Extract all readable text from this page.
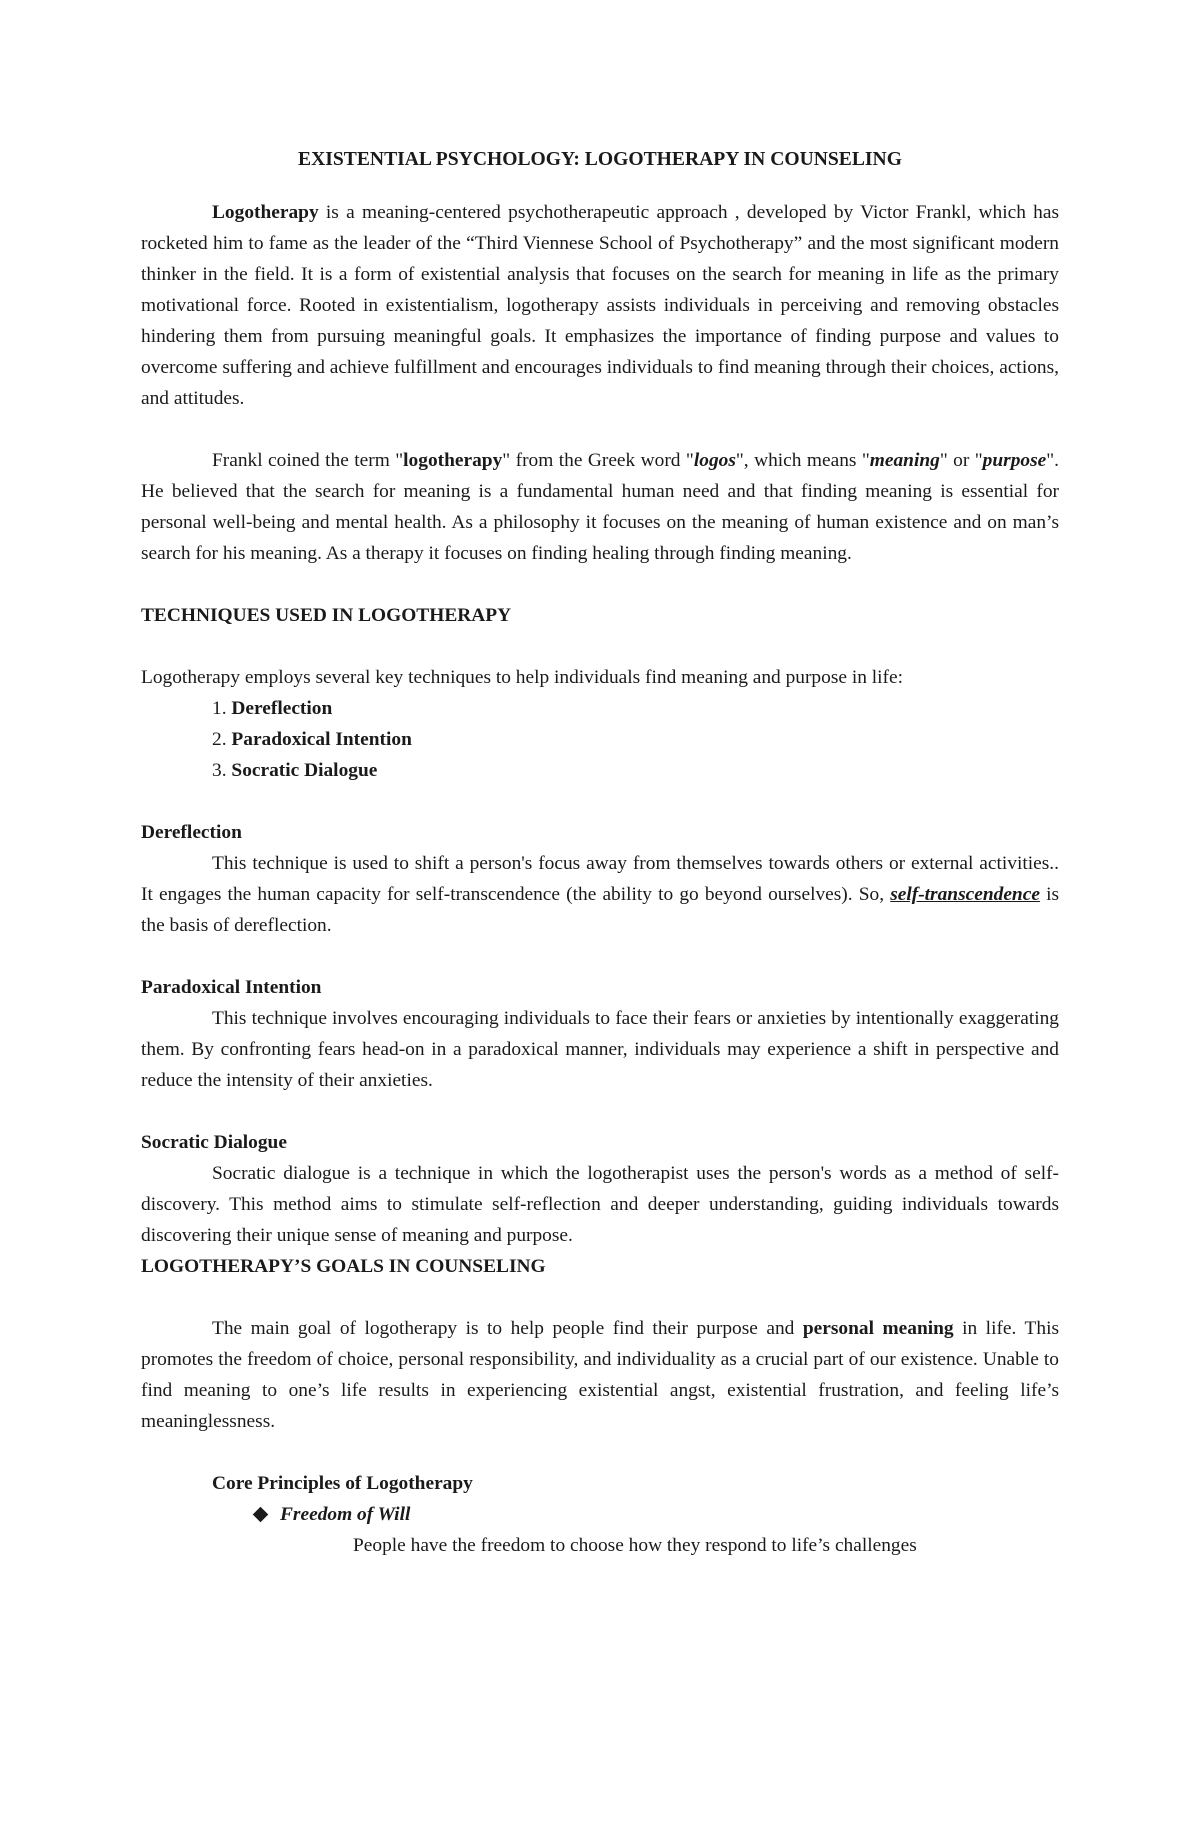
EXISTENTIAL PSYCHOLOGY: LOGOTHERAPY IN COUNSELING

Logotherapy is a meaning-centered psychotherapeutic approach , developed by Victor Frankl, which has rocketed him to fame as the leader of the “Third Viennese School of Psychotherapy” and the most significant modern thinker in the field. It is a form of existential analysis that focuses on the search for meaning in life as the primary motivational force. Rooted in existentialism, logotherapy assists individuals in perceiving and removing obstacles hindering them from pursuing meaningful goals. It emphasizes the importance of finding purpose and values to overcome suffering and achieve fulfillment and encourages individuals to find meaning through their choices, actions, and attitudes.

Frankl coined the term "logotherapy" from the Greek word "logos", which means "meaning" or "purpose". He believed that the search for meaning is a fundamental human need and that finding meaning is essential for personal well-being and mental health. As a philosophy it focuses on the meaning of human existence and on man’s search for his meaning. As a therapy it focuses on finding healing through finding meaning.

TECHNIQUES USED IN LOGOTHERAPY

Logotherapy employs several key techniques to help individuals find meaning and purpose in life:

1. Dereflection
2. Paradoxical Intention
3. Socratic Dialogue

Dereflection

This technique is used to shift a person's focus away from themselves towards others or external activities.. It engages the human capacity for self-transcendence (the ability to go beyond ourselves). So, self-transcendence is the basis of dereflection.

Paradoxical Intention

This technique involves encouraging individuals to face their fears or anxieties by intentionally exaggerating them. By confronting fears head-on in a paradoxical manner, individuals may experience a shift in perspective and reduce the intensity of their anxieties.

Socratic Dialogue

Socratic dialogue is a technique in which the logotherapist uses the person's words as a method of self-discovery. This method aims to stimulate self-reflection and deeper understanding, guiding individuals towards discovering their unique sense of meaning and purpose.

LOGOTHERAPY’S GOALS IN COUNSELING

The main goal of logotherapy is to help people find their purpose and personal meaning in life. This promotes the freedom of choice, personal responsibility, and individuality as a crucial part of our existence. Unable to find meaning to one’s life results in experiencing existential angst, existential frustration, and feeling life’s meaninglessness.

Core Principles of Logotherapy

Freedom of Will

People have the freedom to choose how they respond to life’s challenges
